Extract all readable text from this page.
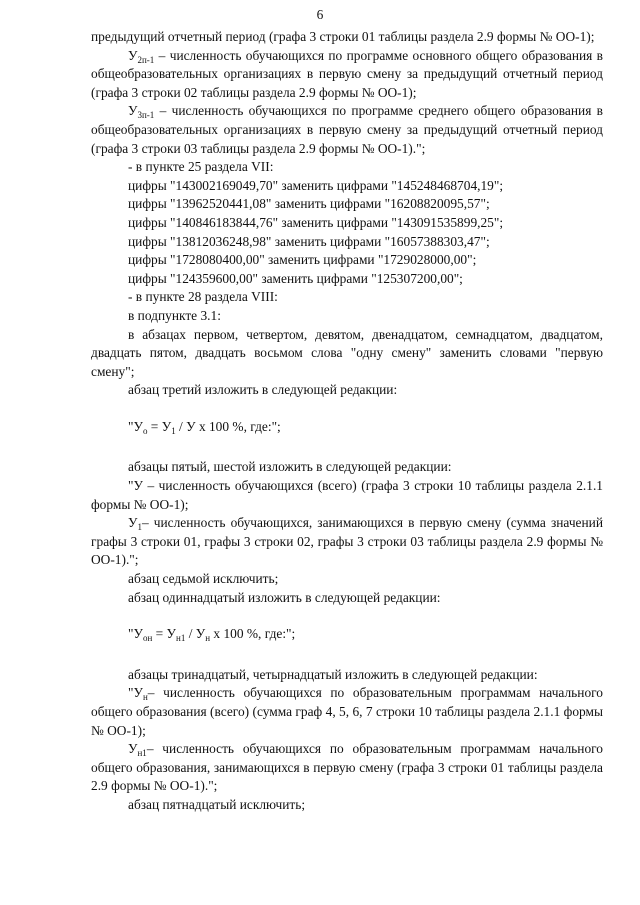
6

предыдущий отчетный период (графа 3 строки 01 таблицы раздела 2.9 формы № ОО-1);

$У_{2п-1}$ – численность обучающихся по программе основного общего образования в общеобразовательных организациях в первую смену за предыдущий отчетный период (графа 3 строки 02 таблицы раздела 2.9 формы № ОО-1);

$У_{3п-1}$ – численность обучающихся по программе среднего общего образования в общеобразовательных организациях в первую смену за предыдущий отчетный период (графа 3 строки 03 таблицы раздела 2.9 формы № ОО-1).";

- в пункте 25 раздела VII:

цифры "143002169049,70" заменить цифрами "145248468704,19";

цифры "13962520441,08" заменить цифрами "16208820095,57";

цифры "140846183844,76" заменить цифрами "143091535899,25";

цифры "13812036248,98" заменить цифрами "16057388303,47";

цифры "1728080400,00" заменить цифрами "1729028000,00";

цифры "124359600,00" заменить цифрами "125307200,00";

- в пункте 28 раздела VIII:

в подпункте 3.1:

в абзацах первом, четвертом, девятом, двенадцатом, семнадцатом, двадцатом, двадцать пятом, двадцать восьмом слова "одну смену" заменить словами "первую смену";

абзац третий изложить в следующей редакции:

"$У_о = У_1 / У$ х 100 %, где:";

абзацы пятый, шестой изложить в следующей редакции:

"У – численность обучающихся (всего) (графа 3 строки 10 таблицы раздела 2.1.1 формы № ОО-1);

$У_1-$ численность обучающихся, занимающихся в первую смену (сумма значений графы 3 строки 01, графы 3 строки 02, графы 3 строки 03 таблицы раздела 2.9 формы № ОО-1).";

абзац седьмой исключить;

абзац одиннадцатый изложить в следующей редакции:

"$У_{он} = У_{н1} / У_н$ х 100 %, где:";

абзацы тринадцатый, четырнадцатый изложить в следующей редакции:

"$У_н-$ численность обучающихся по образовательным программам начального общего образования (всего) (сумма граф 4, 5, 6, 7 строки 10 таблицы раздела 2.1.1 формы № ОО-1);

$У_{н1}-$ численность обучающихся по образовательным программам начального общего образования, занимающихся в первую смену (графа 3 строки 01 таблицы раздела 2.9 формы № ОО-1).";

абзац пятнадцатый исключить;
